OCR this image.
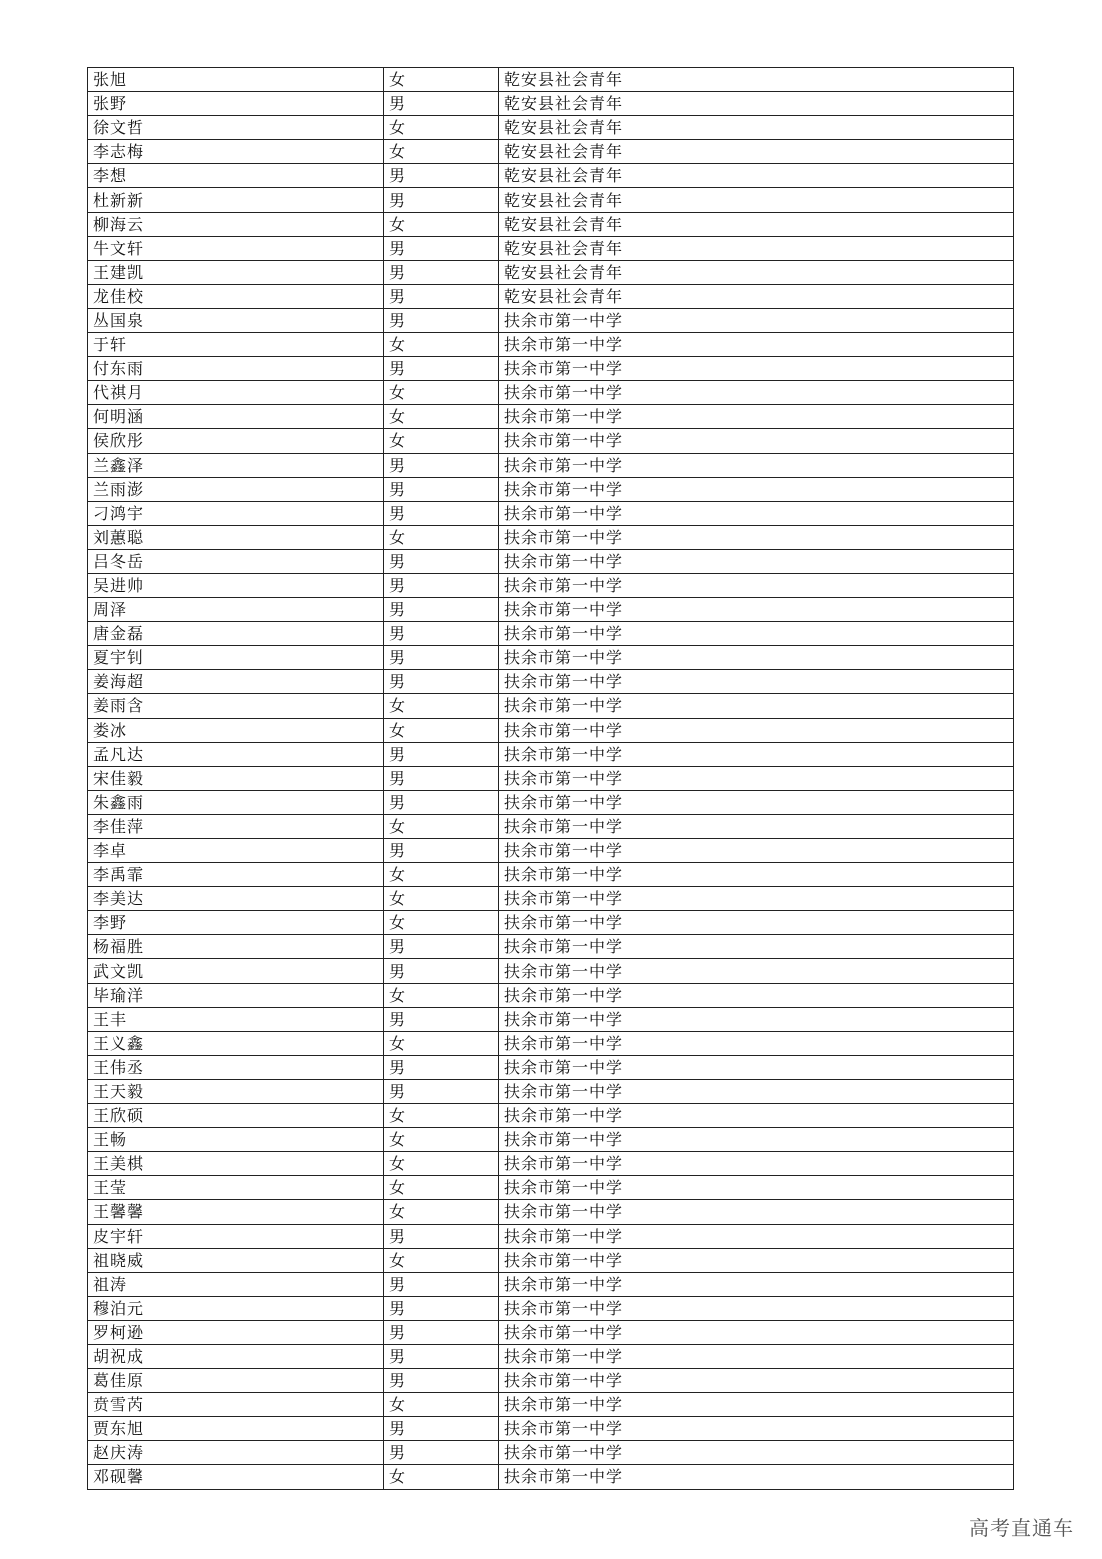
张旭	女	乾安县社会青年
张野	男	乾安县社会青年
徐文哲	女	乾安县社会青年
李志梅	女	乾安县社会青年
李想	男	乾安县社会青年
杜新新	男	乾安县社会青年
柳海云	女	乾安县社会青年
牛文轩	男	乾安县社会青年
王建凯	男	乾安县社会青年
龙佳校	男	乾安县社会青年
丛国泉	男	扶余市第一中学
于轩	女	扶余市第一中学
付东雨	男	扶余市第一中学
代祺月	女	扶余市第一中学
何明涵	女	扶余市第一中学
侯欣彤	女	扶余市第一中学
兰鑫泽	男	扶余市第一中学
兰雨澎	男	扶余市第一中学
刁鸿宇	男	扶余市第一中学
刘蕙聪	女	扶余市第一中学
吕冬岳	男	扶余市第一中学
吴进帅	男	扶余市第一中学
周泽	男	扶余市第一中学
唐金磊	男	扶余市第一中学
夏宇钊	男	扶余市第一中学
姜海超	男	扶余市第一中学
姜雨含	女	扶余市第一中学
娄冰	女	扶余市第一中学
孟凡达	男	扶余市第一中学
宋佳毅	男	扶余市第一中学
朱鑫雨	男	扶余市第一中学
李佳萍	女	扶余市第一中学
李卓	男	扶余市第一中学
李禹霏	女	扶余市第一中学
李美达	女	扶余市第一中学
李野	女	扶余市第一中学
杨福胜	男	扶余市第一中学
武文凯	男	扶余市第一中学
毕瑜洋	女	扶余市第一中学
王丰	男	扶余市第一中学
王义鑫	女	扶余市第一中学
王伟丞	男	扶余市第一中学
王天毅	男	扶余市第一中学
王欣硕	女	扶余市第一中学
王畅	女	扶余市第一中学
王美棋	女	扶余市第一中学
王莹	女	扶余市第一中学
王馨馨	女	扶余市第一中学
皮宇轩	男	扶余市第一中学
祖晓威	女	扶余市第一中学
祖涛	男	扶余市第一中学
穆泊元	男	扶余市第一中学
罗柯逊	男	扶余市第一中学
胡祝成	男	扶余市第一中学
葛佳原	男	扶余市第一中学
贲雪芮	女	扶余市第一中学
贾东旭	男	扶余市第一中学
赵庆涛	男	扶余市第一中学
邓砚馨	女	扶余市第一中学
高考直通车
